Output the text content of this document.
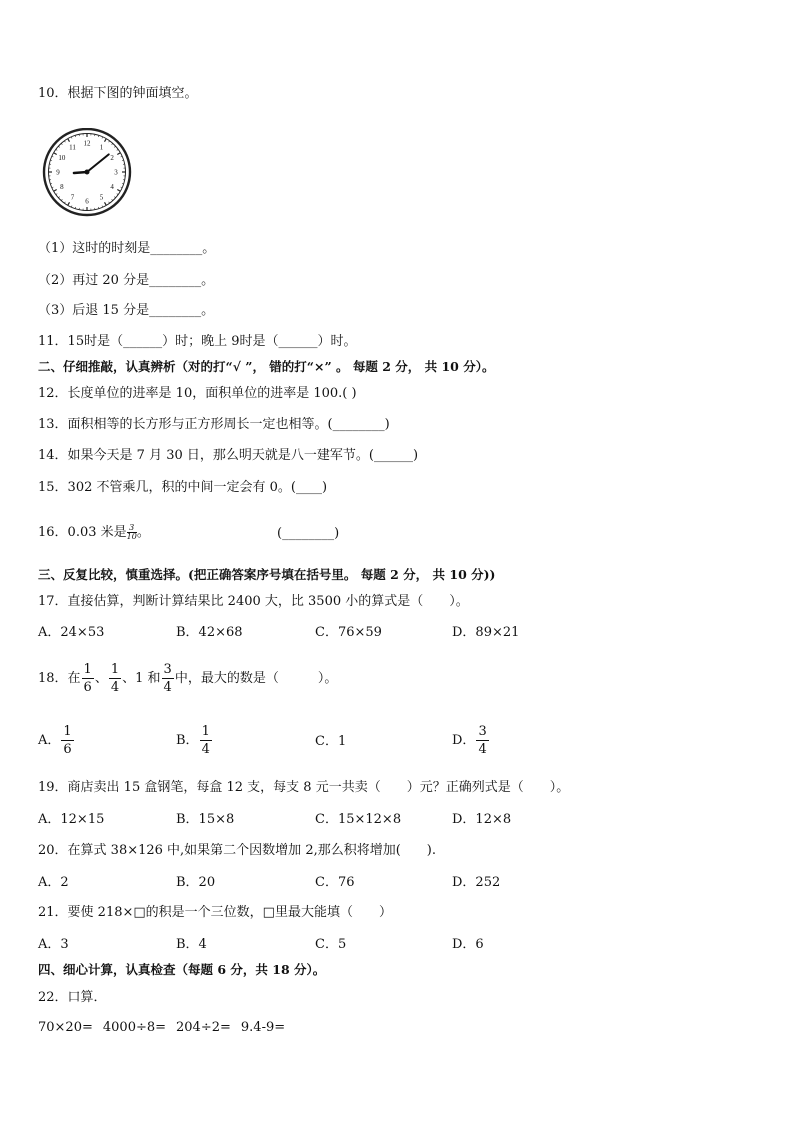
10．根据下图的钟面填空。
12 1
2
3
4
5
6
7
8
9
10
11
（1）这时的时刻是________。
（2）再过 20 分是________。
（3）后退 15 分是________。
11．15时是（______）时；晚上 9时是（______）时。
二、仔细推敲，认真辨析（对的打“√ ”， 错的打“×” 。 每题 2 分， 共 10 分）。
12．长度单位的进率是 10，面积单位的进率是 100.( )
13．面积相等的长方形与正方形周长一定也相等。(________)
14．如果今天是 7 月 30 日，那么明天就是八一建军节。(______)
15．302 不管乘几，积的中间一定会有 0。(____)
16．0.03 米是 $\frac{3}{10}$ 。	(________)
三、反复比较，慎重选择。(把正确答案序号填在括号里。 每题 2 分， 共 10 分))
17．直接估算，判断计算结果比 2400 大，比 3500 小的算式是（　　）。
A．24×53	B．42×68	C．76×59	D．89×21
18．在 $\frac{1}{6}$ 、 $\frac{1}{4}$ 、1 和 $\frac{3}{4}$ 中，最大的数是（　　　）。
A． $\frac{1}{6}$	B． $\frac{1}{4}$	C．1	D． $\frac{3}{4}$
19．商店卖出 15 盒钢笔，每盒 12 支，每支 8 元一共卖（　　）元？正确列式是（　　）。
A．12×15	B．15×8	C．15×12×8	D．12×8
20．在算式 38×126 中,如果第二个因数增加 2,那么积将增加(　　).
A．2	B．20	C．76	D．252
21．要使 218×□的积是一个三位数，□里最大能填（　　）
A．3	B．4	C．5	D．6
四、细心计算，认真检查（每题 6 分，共 18 分）。
22．口算．
70×20= 4000÷8= 204÷2= 9.4-9=
